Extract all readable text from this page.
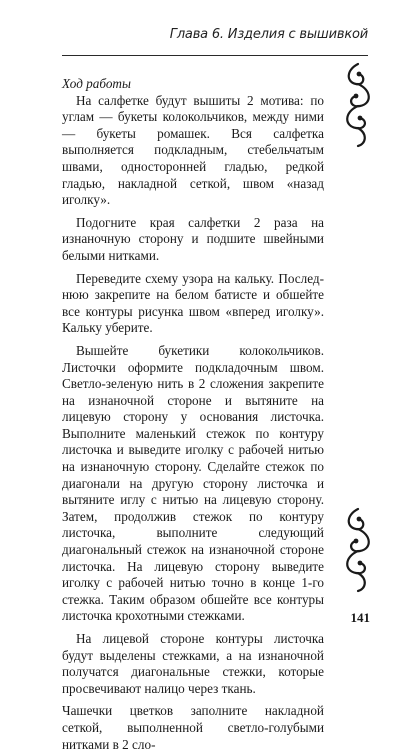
Глава 6. Изделия с вышивкой

Ход работы

На салфетке будут вышиты 2 мотива: по углам — букеты колокольчиков, между ними — букеты ромашек. Вся салфетка выполняется подкладным, стебельчатым швами, односторонней гладью, редкой гладью, накладной сеткой, швом «назад иголку».

Подогните края салфетки 2 раза на изнаночную сторону и подшите швейными белыми нитками.

Переведите схему узора на кальку. Последнюю закрепите на белом батисте и обшейте все контуры рисунка швом «вперед иголку». Кальку уберите.

Вышейте букетики колокольчиков. Листочки оформите подкладочным швом. Светло-зеленую нить в 2 сложения закрепите на изнаночной стороне и вытяните на лицевую сторону у основания листочка. Выполните маленький стежок по контуру листочка и выведите иголку с рабочей нитью на изнаночную сторону. Сделайте стежок по диагонали на другую сторону листочка и вытяните иглу с нитью на лицевую сторону. Затем, продолжив стежок по контуру листочка, выполните следующий диагональный стежок на изнаночной стороне листочка. На лицевую сторону выведите иголку с рабочей нитью точно в конце 1-го стежка. Таким образом обшейте все контуры листочка крохотными стежками.

На лицевой стороне контуры листочка будут выделены стежками, а на изнаночной получатся диагональные стежки, которые просвечивают налицо через ткань.

Чашечки цветков заполните накладной сеткой, выполненной светло-голубыми нитками в 2 сло-

141
